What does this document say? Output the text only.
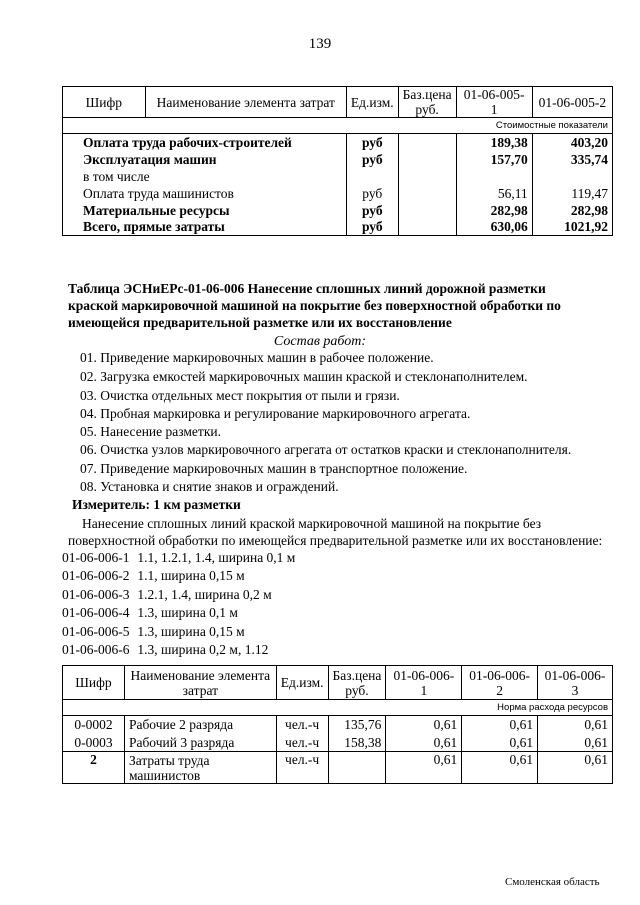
139
Шифр	Наименование элемента затрат	Ед.изм.	Баз.цена руб.	01-06-005-1	01-06-005-2
Стоимостные показатели					
Оплата труда рабочих-строителей		руб		189,38	403,20
Эксплуатация машин		руб		157,70	335,74
в том числе					
Оплата труда машинистов		руб		56,11	119,47
Материальные ресурсы		руб		282,98	282,98
Всего, прямые затраты		руб		630,06	1021,92
Таблица ЭСНиЕРс-01-06-006 Нанесение сплошных линий дорожной разметки краской маркировочной машиной на покрытие без поверхностной обработки по имеющейся предварительной разметке или их восстановление
Состав работ:
01. Приведение маркировочных машин в рабочее положение.
02. Загрузка емкостей маркировочных машин краской и стеклонаполнителем.
03. Очистка отдельных мест покрытия от пыли и грязи.
04. Пробная маркировка и регулирование маркировочного агрегата.
05. Нанесение разметки.
06. Очистка узлов маркировочного агрегата от остатков краски и стеклонаполнителя.
07. Приведение маркировочных машин в транспортное положение.
08. Установка и снятие знаков и ограждений.
Измеритель: 1 км разметки
Нанесение сплошных линий краской маркировочной машиной на покрытие без поверхностной обработки по имеющейся предварительной разметке или их восстановление:
01-06-006-1 1.1, 1.2.1, 1.4, ширина 0,1 м
01-06-006-2 1.1, ширина 0,15 м
01-06-006-3 1.2.1, 1.4, ширина 0,2 м
01-06-006-4 1.3, ширина 0,1 м
01-06-006-5 1.3, ширина 0,15 м
01-06-006-6 1.3, ширина 0,2 м, 1.12
Шифр	Наименование элемента затрат	Ед.изм.	Баз.цена руб.	01-06-006-1	01-06-006-2	01-06-006-3
Норма расхода ресурсов						
0-0002	Рабочие 2 разряда	чел.-ч	135,76	0,61	0,61	0,61
0-0003	Рабочий 3 разряда	чел.-ч	158,38	0,61	0,61	0,61
2	Затраты труда машинистов	чел.-ч		0,61	0,61	0,61
Смоленская область
